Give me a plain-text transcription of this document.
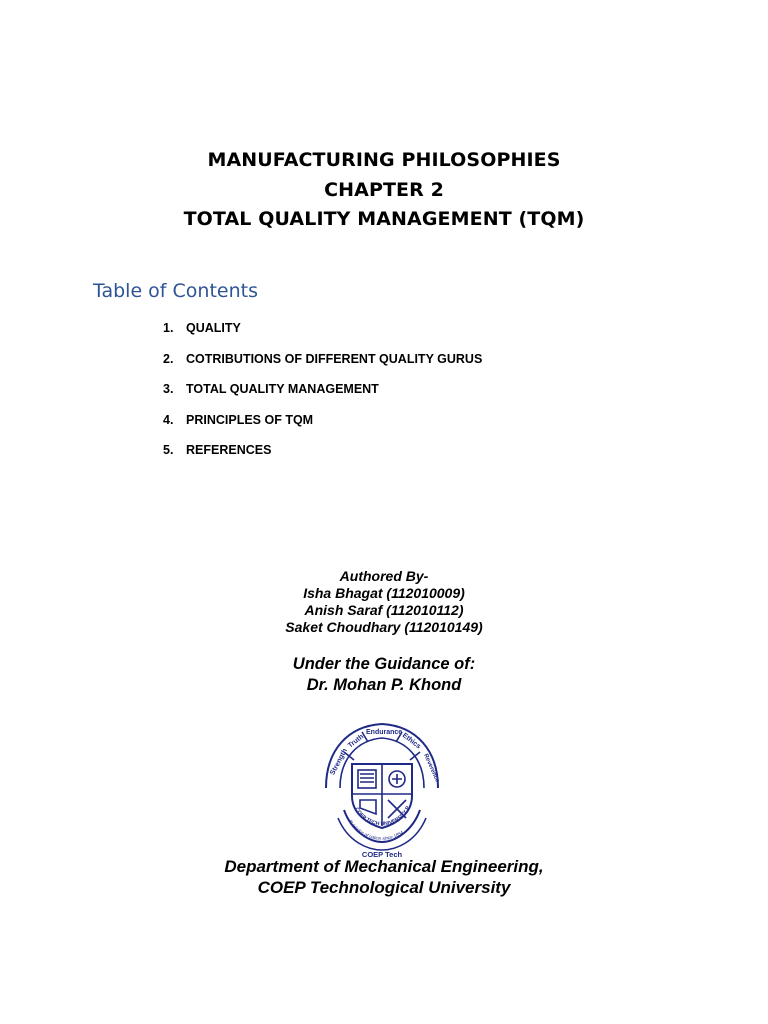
MANUFACTURING PHILOSOPHIES
CHAPTER 2
TOTAL QUALITY MANAGEMENT (TQM)
Table of Contents
1. QUALITY
2. COTRIBUTIONS OF DIFFERENT QUALITY GURUS
3. TOTAL QUALITY MANAGEMENT
4. PRINCIPLES OF TQM
5. REFERENCES
Authored By-
Isha Bhagat (112010009)
Anish Saraf (112010112)
Saket Choudhary (112010149)
Under the Guidance of:
Dr. Mohan P. Khond
Strength
Truth
Endurance
Ethics
Reverence
COEP TECH UNIVERSITY P
In service of nation since 1854
COEP Tech
Department of Mechanical Engineering,
COEP Technological University
